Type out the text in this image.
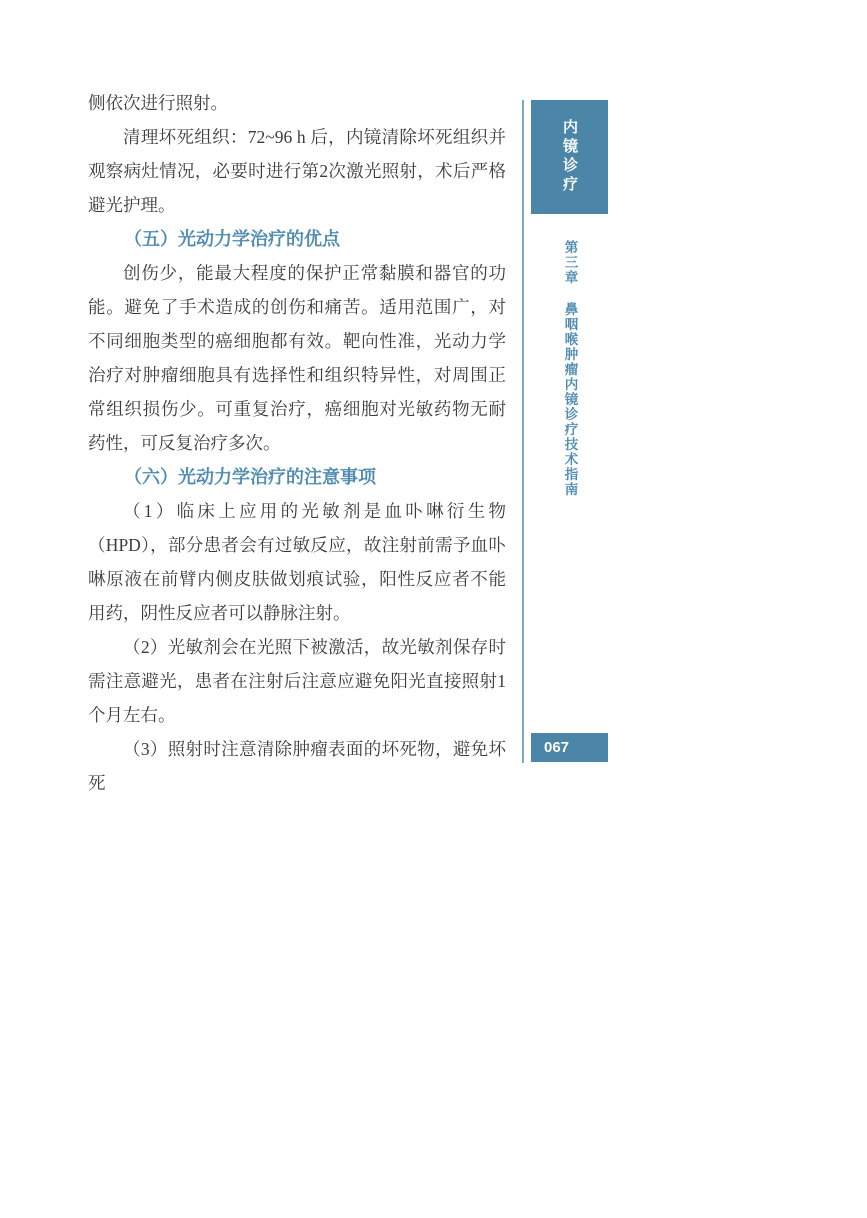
侧依次进行照射。

清理坏死组织：72~96 h 后，内镜清除坏死组织并观察病灶情况，必要时进行第2次激光照射，术后严格避光护理。

（五）光动力学治疗的优点

创伤少，能最大程度的保护正常黏膜和器官的功能。避免了手术造成的创伤和痛苦。适用范围广，对不同细胞类型的癌细胞都有效。靶向性准，光动力学治疗对肿瘤细胞具有选择性和组织特异性，对周围正常组织损伤少。可重复治疗，癌细胞对光敏药物无耐药性，可反复治疗多次。

（六）光动力学治疗的注意事项

（1）临床上应用的光敏剂是血卟啉衍生物（HPD），部分患者会有过敏反应，故注射前需予血卟啉原液在前臂内侧皮肤做划痕试验，阳性反应者不能用药，阴性反应者可以静脉注射。

（2）光敏剂会在光照下被激活，故光敏剂保存时需注意避光，患者在注射后注意应避免阳光直接照射1个月左右。

（3）照射时注意清除肿瘤表面的坏死物，避免坏死

内镜诊疗
第三章 鼻咽喉肿瘤内镜诊疗技术指南
067
